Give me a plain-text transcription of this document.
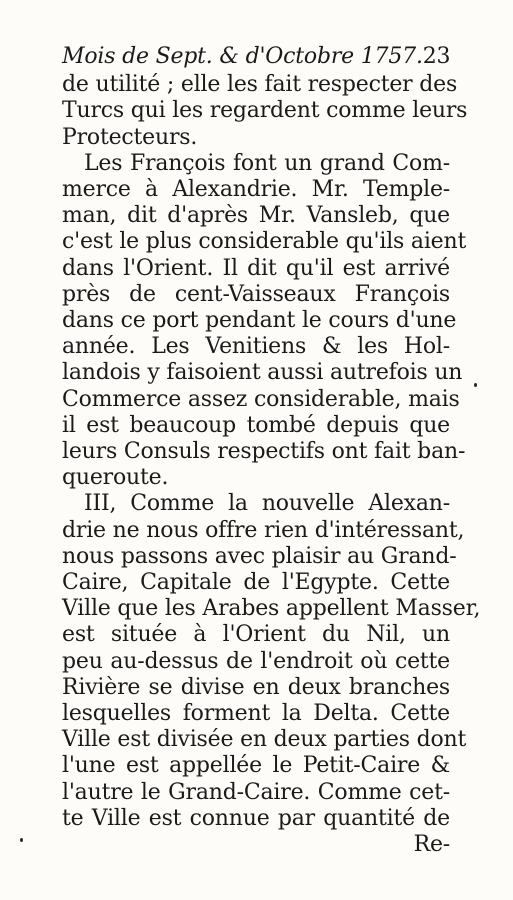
Mois de Sept. & d'Octobre 1757. 23
de utilité ; elle les fait respecter des
Turcs qui les regardent comme leurs
Protecteurs.
Les François font un grand Com-
merce à Alexandrie. Mr. Temple-
man, dit d'après Mr. Vansleb, que
c'est le plus considerable qu'ils aient
dans l'Orient. Il dit qu'il est arrivé
près de cent-Vaisseaux François
dans ce port pendant le cours d'une
année. Les Venitiens & les Hol-
landois y faisoient aussi autrefois un
Commerce assez considerable, mais
il est beaucoup tombé depuis que
leurs Consuls respectifs ont fait ban-
queroute.
III, Comme la nouvelle Alexan-
drie ne nous offre rien d'intéressant,
nous passons avec plaisir au Grand-
Caire, Capitale de l'Egypte. Cette
Ville que les Arabes appellent Masser,
est située à l'Orient du Nil, un
peu au-dessus de l'endroit où cette
Rivière se divise en deux branches
lesquelles forment la Delta. Cette
Ville est divisée en deux parties dont
l'une est appellée le Petit-Caire &
l'autre le Grand-Caire. Comme cet-
te Ville est connue par quantité de
Re-
